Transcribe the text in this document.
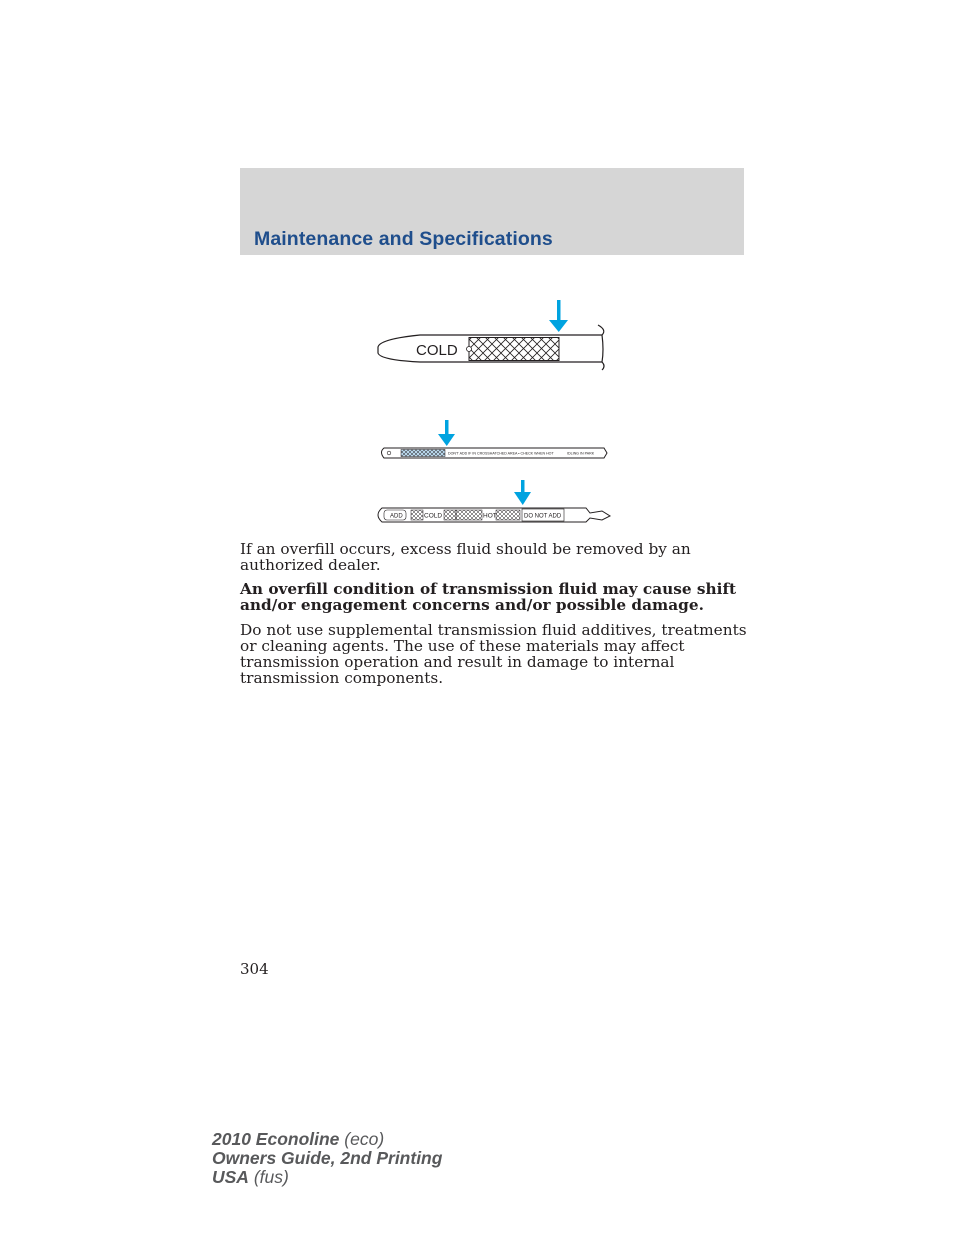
Maintenance and Specifications
COLD
DON'T ADD IF IN CROSSHATCHED AREA • CHECK WHEN HOT	IDLING IN PARK
ADD	COLD	HOT	DO NOT ADD

If an overfill occurs, excess fluid should be removed by an authorized dealer.

An overfill condition of transmission fluid may cause shift and/or engagement concerns and/or possible damage.

Do not use supplemental transmission fluid additives, treatments or cleaning agents. The use of these materials may affect transmission operation and result in damage to internal transmission components.

304
2010 Econoline (eco)
Owners Guide, 2nd Printing
USA (fus)
